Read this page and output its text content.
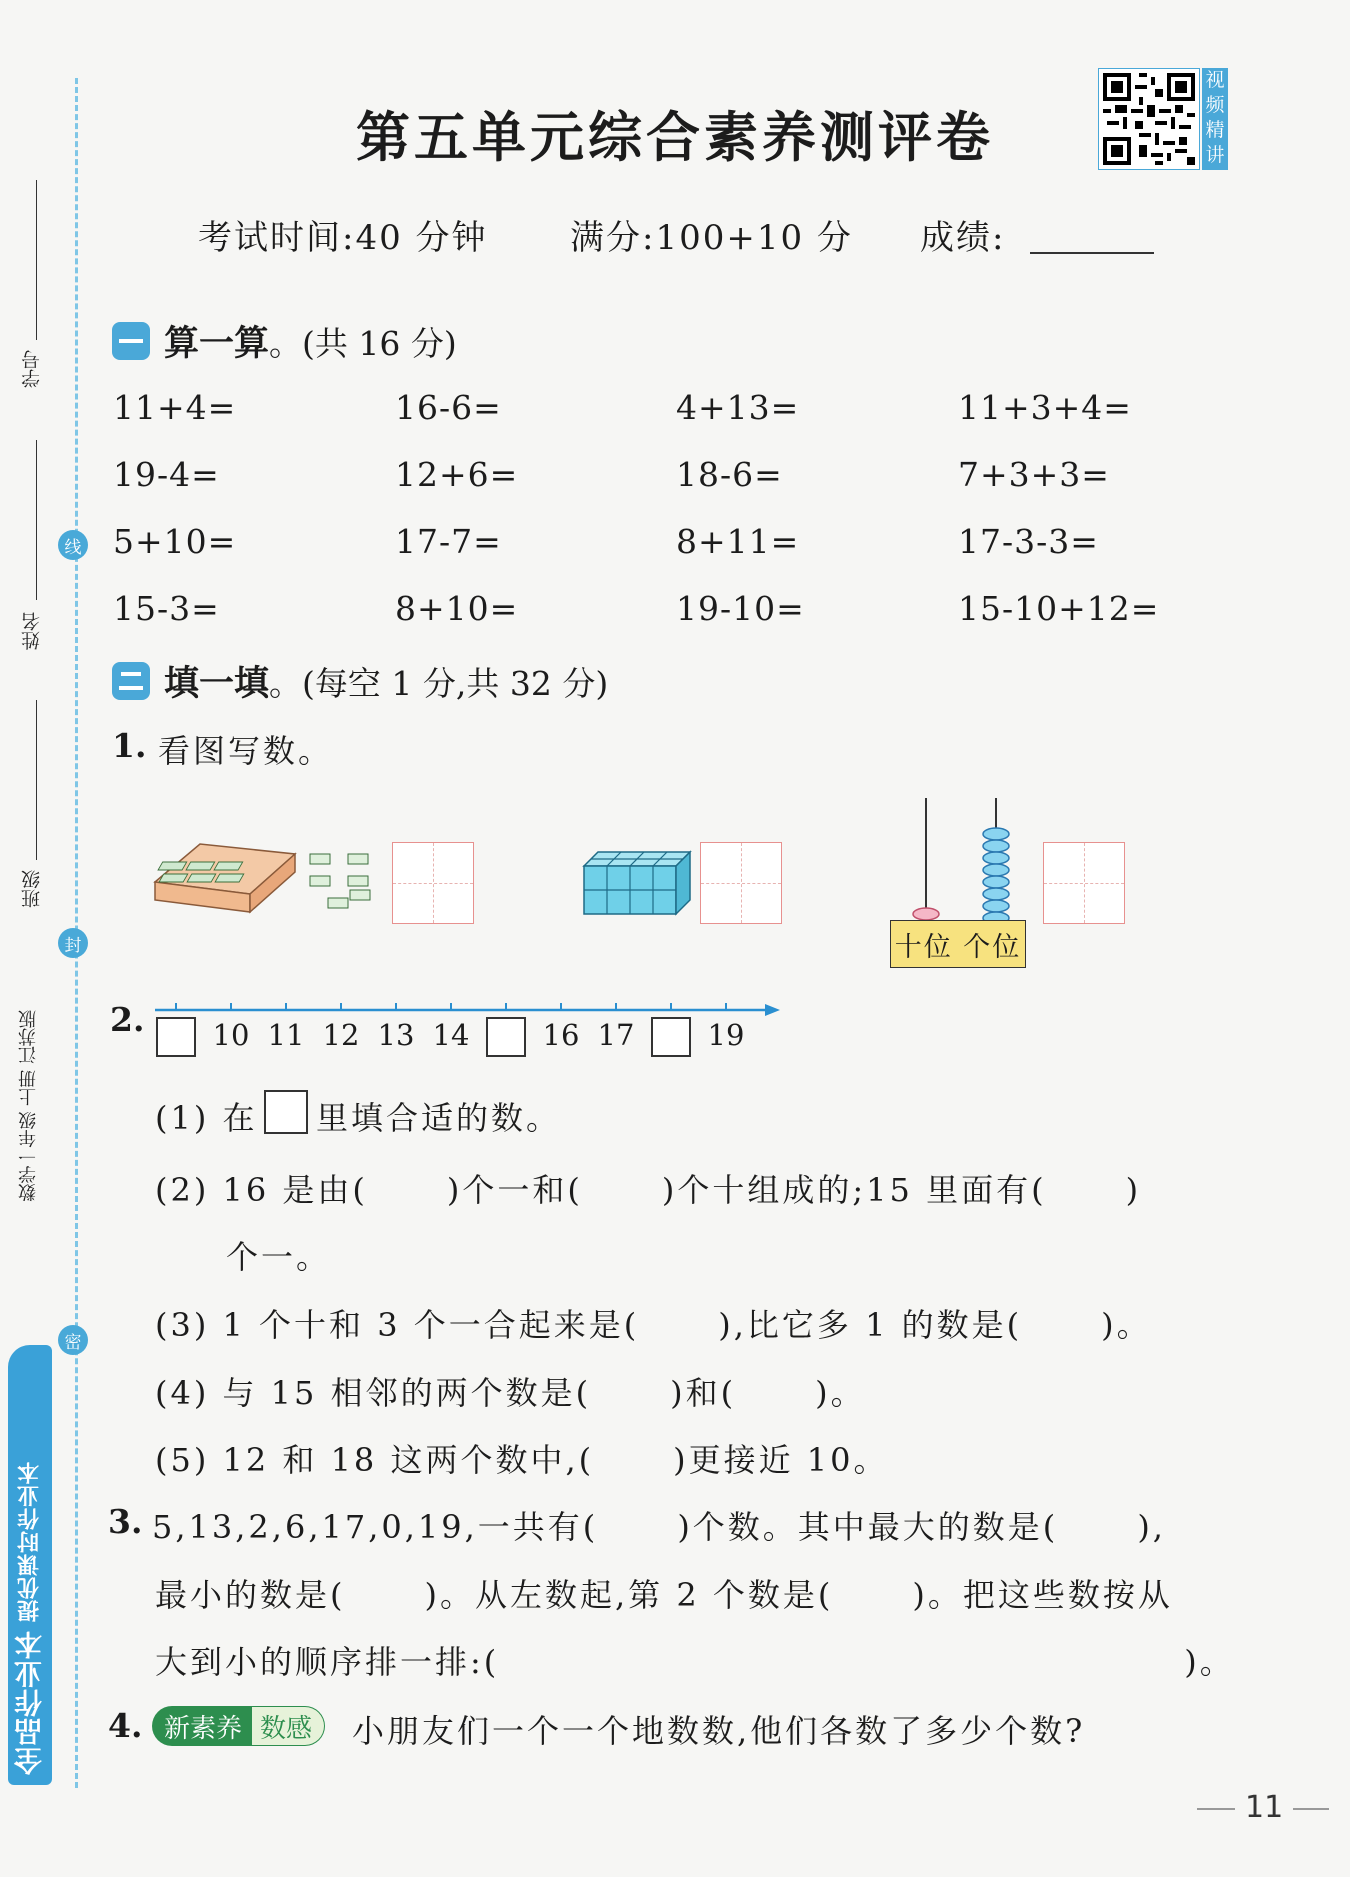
学号
姓名
班级
数学一年级 上册 江苏版
线
封
密
全品作业本
提优课时作业本
第五单元综合素养测评卷
视频精讲
考试时间:40 分钟 满分:100+10 分 成绩:
算一算 。(共 16 分)
11+4=	16-6=	4+13=	11+3+4=
19-4=	12+6=	18-6=	7+3+3=
5+10=	17-7=	8+11=	17-3-3=
15-3=	8+10=	19-10=	15-10+12=
填一填 。(每空 1 分,共 32 分)
1. 看图写数。
十位 个位
2. 10 11 12 13 14	16 17	19
(1) 在 里填合适的数。
(2) 16 是由(      )个一和(      )个十组成的;15 里面有(      )
个一。
(3) 1 个十和 3 个一合起来是(      ),比它多 1 的数是(      )。
(4) 与 15 相邻的两个数是(      )和(      )。
(5) 12 和 18 这两个数中,(      )更接近 10。
3. 5,13,2,6,17,0,19,一共有(      )个数。其中最大的数是(      ),
最小的数是(      )。从左数起,第 2 个数是(      )。把这些数按从
大到小的顺序排一排:(                                                    )。
4. 新素养 数感	小朋友们一个一个地数数,他们各数了多少个数?
11
